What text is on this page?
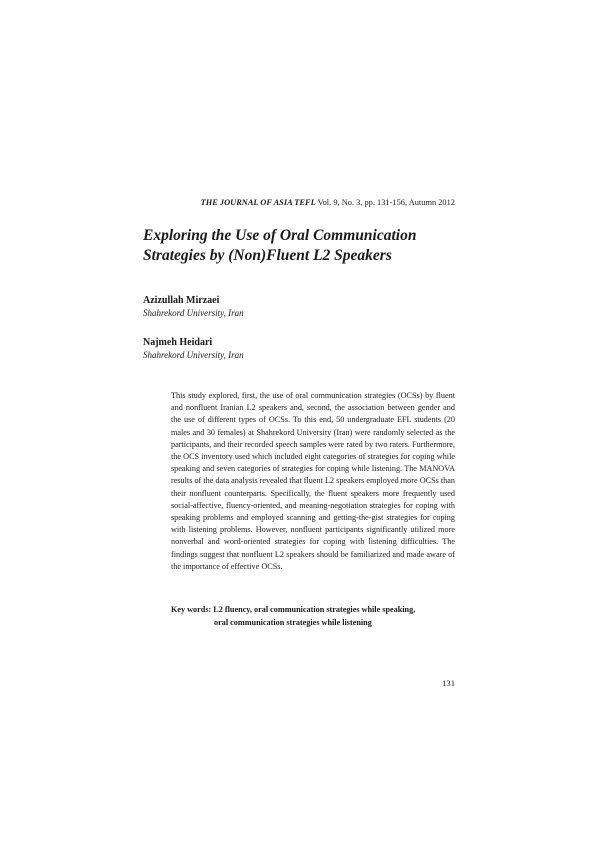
THE JOURNAL OF ASIA TEFL Vol. 9, No. 3, pp. 131-156, Autumn 2012
Exploring the Use of Oral Communication
Strategies by (Non)Fluent L2 Speakers
Azizullah Mirzaei
Shahrekord University, Iran
Najmeh Heidari
Shahrekord University, Iran

This study explored, first, the use of oral communication strategies (OCSs) by fluent and nonfluent Iranian L2 speakers and, second, the association between gender and the use of different types of OCSs. To this end, 50 undergraduate EFL students (20 males and 30 females) at Shahrekord University (Iran) were randomly selected as the participants, and their recorded speech samples were rated by two raters. Furthermore, the OCS inventory used which included eight categories of strategies for coping while speaking and seven categories of strategies for coping while listening. The MANOVA results of the data analysis revealed that fluent L2 speakers employed more OCSs than their nonfluent counterparts. Specifically, the fluent speakers more frequently used social-affective, fluency-oriented, and meaning-negotiation strategies for coping with speaking problems and employed scanning and getting-the-gist strategies for coping with listening problems. However, nonfluent participants significantly utilized more nonverbal and word-oriented strategies for coping with listening difficulties. The findings suggest that nonfluent L2 speakers should be familiarized and made aware of the importance of effective OCSs.

Key words: L2 fluency, oral communication strategies while speaking,
oral communication strategies while listening
131
